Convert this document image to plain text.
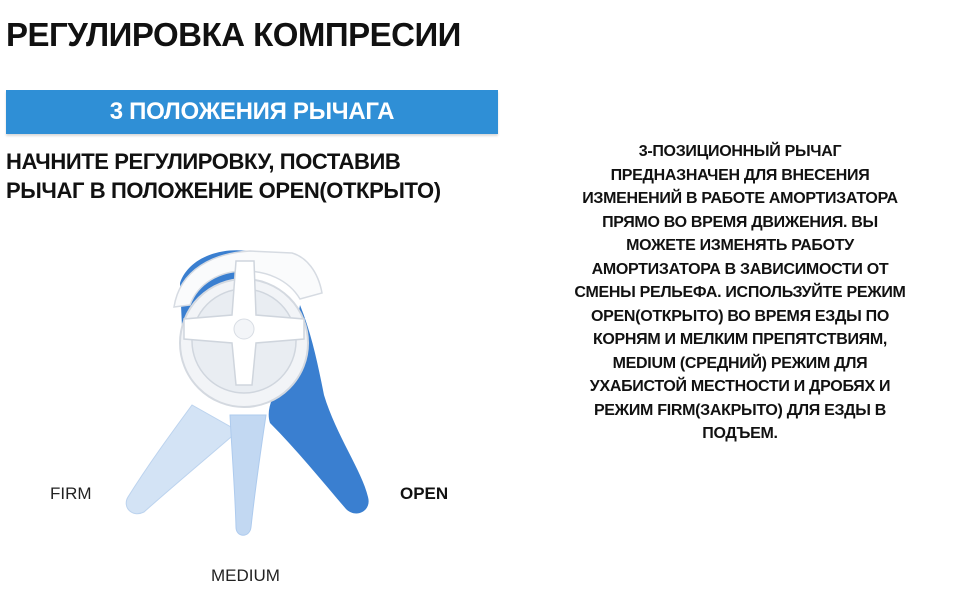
РЕГУЛИРОВКА КОМПРЕСИИ
3 ПОЛОЖЕНИЯ РЫЧАГА
НАЧНИТЕ РЕГУЛИРОВКУ, ПОСТАВИВ
РЫЧАГ В ПОЛОЖЕНИЕ OPEN(ОТКРЫТО)
3-ПОЗИЦИОННЫЙ РЫЧАГ
ПРЕДНАЗНАЧЕН ДЛЯ ВНЕСЕНИЯ
ИЗМЕНЕНИЙ В РАБОТЕ АМОРТИЗАТОРА
ПРЯМО ВО ВРЕМЯ ДВИЖЕНИЯ. ВЫ
МОЖЕТЕ ИЗМЕНЯТЬ РАБОТУ
АМОРТИЗАТОРА В ЗАВИСИМОСТИ ОТ
СМЕНЫ РЕЛЬЕФА. ИСПОЛЬЗУЙТЕ РЕЖИМ
OPEN(ОТКРЫТО) ВО ВРЕМЯ ЕЗДЫ ПО
КОРНЯМ И МЕЛКИМ ПРЕПЯТСТВИЯМ,
MEDIUM (СРЕДНИЙ) РЕЖИМ ДЛЯ
УХАБИСТОЙ МЕСТНОСТИ И ДРОБЯХ И
РЕЖИМ FIRM(ЗАКРЫТО) ДЛЯ ЕЗДЫ В
ПОДЪЕМ.
FIRM	OPEN
MEDIUM
